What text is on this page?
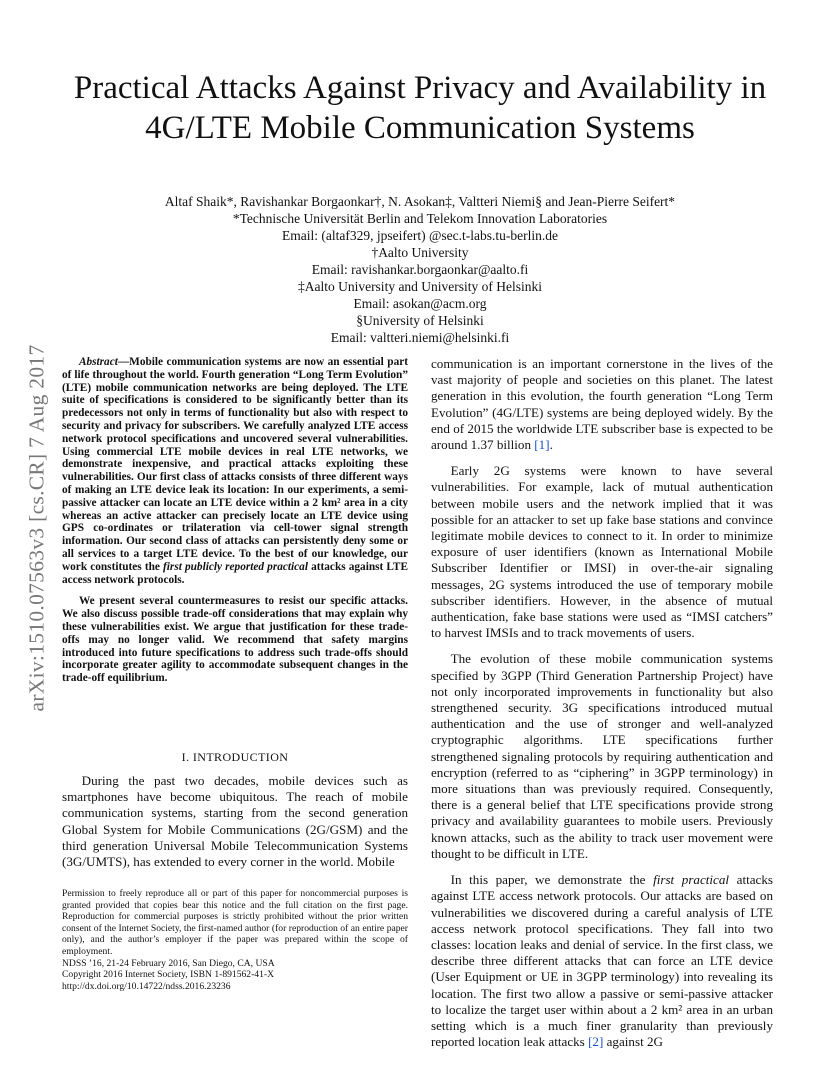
arXiv:1510.07563v3 [cs.CR] 7 Aug 2017
Practical Attacks Against Privacy and Availability in 4G/LTE Mobile Communication Systems
Altaf Shaik*, Ravishankar Borgaonkar†, N. Asokan‡, Valtteri Niemi§ and Jean-Pierre Seifert*
*Technische Universität Berlin and Telekom Innovation Laboratories
Email: (altaf329, jpseifert) @sec.t-labs.tu-berlin.de
†Aalto University
Email: ravishankar.borgaonkar@aalto.fi
‡Aalto University and University of Helsinki
Email: asokan@acm.org
§University of Helsinki
Email: valtteri.niemi@helsinki.fi

Abstract—Mobile communication systems are now an essential part of life throughout the world. Fourth generation “Long Term Evolution” (LTE) mobile communication networks are being deployed. The LTE suite of specifications is considered to be significantly better than its predecessors not only in terms of functionality but also with respect to security and privacy for subscribers. We carefully analyzed LTE access network protocol specifications and uncovered several vulnerabilities. Using commercial LTE mobile devices in real LTE networks, we demonstrate inexpensive, and practical attacks exploiting these vulnerabilities. Our first class of attacks consists of three different ways of making an LTE device leak its location: In our experiments, a semi-passive attacker can locate an LTE device within a 2 km² area in a city whereas an active attacker can precisely locate an LTE device using GPS co-ordinates or trilateration via cell-tower signal strength information. Our second class of attacks can persistently deny some or all services to a target LTE device. To the best of our knowledge, our work constitutes the first publicly reported practical attacks against LTE access network protocols.

We present several countermeasures to resist our specific attacks. We also discuss possible trade-off considerations that may explain why these vulnerabilities exist. We argue that justification for these trade-offs may no longer valid. We recommend that safety margins introduced into future specifications to address such trade-offs should incorporate greater agility to accommodate subsequent changes in the trade-off equilibrium.

I. INTRODUCTION

During the past two decades, mobile devices such as smartphones have become ubiquitous. The reach of mobile communication systems, starting from the second generation Global System for Mobile Communications (2G/GSM) and the third generation Universal Mobile Telecommunication Systems (3G/UMTS), has extended to every corner in the world. Mobile

Permission to freely reproduce all or part of this paper for noncommercial purposes is granted provided that copies bear this notice and the full citation on the first page. Reproduction for commercial purposes is strictly prohibited without the prior written consent of the Internet Society, the first-named author (for reproduction of an entire paper only), and the author’s employer if the paper was prepared within the scope of employment.

NDSS ’16, 21-24 February 2016, San Diego, CA, USA

Copyright 2016 Internet Society, ISBN 1-891562-41-X

http://dx.doi.org/10.14722/ndss.2016.23236

communication is an important cornerstone in the lives of the vast majority of people and societies on this planet. The latest generation in this evolution, the fourth generation “Long Term Evolution” (4G/LTE) systems are being deployed widely. By the end of 2015 the worldwide LTE subscriber base is expected to be around 1.37 billion [1].

Early 2G systems were known to have several vulnerabilities. For example, lack of mutual authentication between mobile users and the network implied that it was possible for an attacker to set up fake base stations and convince legitimate mobile devices to connect to it. In order to minimize exposure of user identifiers (known as International Mobile Subscriber Identifier or IMSI) in over-the-air signaling messages, 2G systems introduced the use of temporary mobile subscriber identifiers. However, in the absence of mutual authentication, fake base stations were used as “IMSI catchers” to harvest IMSIs and to track movements of users.

The evolution of these mobile communication systems specified by 3GPP (Third Generation Partnership Project) have not only incorporated improvements in functionality but also strengthened security. 3G specifications introduced mutual authentication and the use of stronger and well-analyzed cryptographic algorithms. LTE specifications further strengthened signaling protocols by requiring authentication and encryption (referred to as “ciphering” in 3GPP terminology) in more situations than was previously required. Consequently, there is a general belief that LTE specifications provide strong privacy and availability guarantees to mobile users. Previously known attacks, such as the ability to track user movement were thought to be difficult in LTE.

In this paper, we demonstrate the first practical attacks against LTE access network protocols. Our attacks are based on vulnerabilities we discovered during a careful analysis of LTE access network protocol specifications. They fall into two classes: location leaks and denial of service. In the first class, we describe three different attacks that can force an LTE device (User Equipment or UE in 3GPP terminology) into revealing its location. The first two allow a passive or semi-passive attacker to localize the target user within about a 2 km² area in an urban setting which is a much finer granularity than previously reported location leak attacks [2] against 2G
